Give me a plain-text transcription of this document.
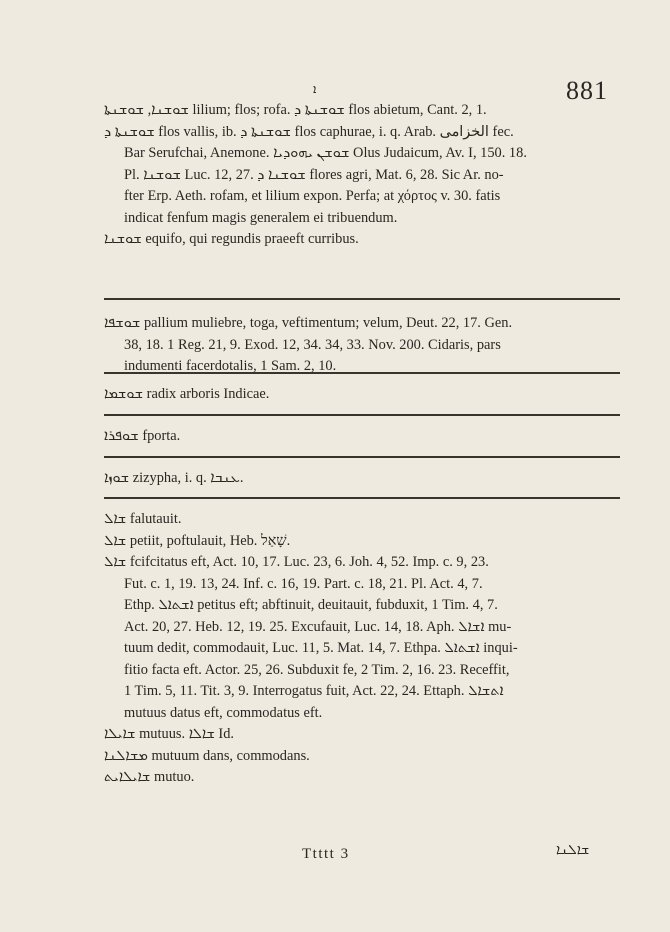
ܐ	881
ܫܘܫܢܐ, ܫܘܫܢܬܐ lilium; flos; rofa. ܫܘܫܢܬܐ ܕ flos abietum, Cant. 2, 1.
ܫܘܫܢܬܐ ܕ flos vallis, ib. ܫܘܫܢܬܐ ܕ flos caphurae, i. q. Arab. الخزامى fec.
Bar Serufchai, Anemone. ܫܘܫܢ ܝܗܘܕܝܐ Olus Judaicum, Av. I, 150. 18.
Pl. ܫܘܫܢܐ Luc. 12, 27. ܫܘܫܢܐ ܕ flores agri, Mat. 6, 28. Sic Ar. no-
fter Erp. Aeth. rofam, et lilium expon. Perfa; at χόρτος v. 30. fatis
indicat fenfum magis generalem ei tribuendum.
ܫܘܫܢܐ equifo, qui regundis praeeft curribus.
ܫܘܫܦܐ pallium muliebre, toga, veftimentum; velum, Deut. 22, 17. Gen.
38, 18. 1 Reg. 21, 9. Exod. 12, 34. 34, 33. Nov. 200. Cidaris, pars
indumenti facerdotalis, 1 Sam. 2, 10.
ܫܘܫܡܐ radix arboris Indicae.
ܫܘܦܪܐ fporta.
ܫܘܙܐ zizypha, i. q. ܥܢܒܐ.
ܫܐܠ falutauit.
ܫܐܠ petiit, poftulauit, Heb. שָׁאַל.
ܫܐܠ fcifcitatus eft, Act. 10, 17. Luc. 23, 6. Joh. 4, 52. Imp. c. 9, 23.
Fut. c. 1, 19. 13, 24. Inf. c. 16, 19. Part. c. 18, 21. Pl. Act. 4, 7.
Ethp. ܐܫܬܐܠ petitus eft; abftinuit, deuitauit, fubduxit, 1 Tim. 4, 7.
Act. 20, 27. Heb. 12, 19. 25. Excufauit, Luc. 14, 18. Aph. ܐܫܐܠ mu-
tuum dedit, commodauit, Luc. 11, 5. Mat. 14, 7. Ethpa. ܐܫܬܐܠ inqui-
fitio facta eft. Actor. 25, 26. Subduxit fe, 2 Tim. 2, 16. 23. Receffit,
1 Tim. 5, 11. Tit. 3, 9. Interrogatus fuit, Act. 22, 24. Ettaph. ܐܬܫܐܠ
mutuus datus eft, commodatus eft.
ܫܐܝܠܐ mutuus. ܫܐܠܐ Id.
ܡܫܐܠܢܐ mutuum dans, commodans.
ܫܐܝܠܐܝܬ mutuo.
Ttttt 3	ܫܐܠܢܐ
